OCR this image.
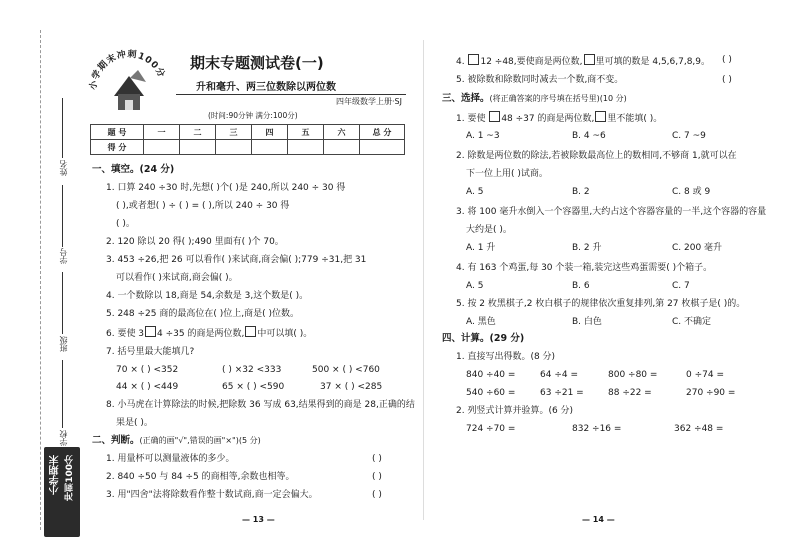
姓名
学号
班级
学校
小学期末 冲刺100分
小学期末冲刺100分
期末专题测试卷(一)
升和毫升、两三位数除以两位数
四年级数学上册·SJ
(时间:90分钟 满分:100分)
题 号	一	二	三	四	五	六	总 分
得 分							
一、填空。(24 分)
1. 口算 240 ÷30 时,先想( )个( )是 240,所以 240 ÷ 30 得
( ),或者想( ) ÷ ( ) = ( ),所以 240 ÷ 30 得
( )。
2. 120 除以 20 得( );490 里面有( )个 70。
3. 453 ÷26,把 26 可以看作( )来试商,商会偏( );779 ÷31,把 31
可以看作( )来试商,商会偏( )。
4. 一个数除以 18,商是 54,余数是 3,这个数是( )。
5. 248 ÷25 商的最高位在( )位上,商是( )位数。
6. 要使 3 4 ÷35 的商是两位数, 中可以填( )。
7. 括号里最大能填几?
70 × ( ) <352	( ) ×32 <333	500 × ( ) <760
44 × ( ) <449	65 × ( ) <590	37 × ( ) <285
8. 小马虎在计算除法的时候,把除数 36 写成 63,结果得到的商是 28,正确的结
果是( )。
二、判断。(正确的画"√",错误的画"×")(5 分)
1. 用量杯可以测量液体的多少。	( )
2. 840 ÷50 与 84 ÷5 的商相等,余数也相等。	( )
3. 用"四舍"法将除数看作整十数试商,商一定会偏大。	( )
— 13 —
4. 12 ÷48,要使商是两位数, 里可填的数是 4,5,6,7,8,9。 ( )
5. 被除数和除数同时减去一个数,商不变。	( )
三、选择。(将正确答案的序号填在括号里)(10 分)
1. 要使 48 ÷37 的商是两位数, 里不能填( )。
A. 1 ~3	B. 4 ~6	C. 7 ~9
2. 除数是两位数的除法,若被除数最高位上的数相同,不够商 1,就可以在
下一位上用( )试商。
A. 5	B. 2	C. 8 或 9
3. 将 100 毫升水倒入一个容器里,大约占这个容器容量的一半,这个容器的容量
大约是( )。
A. 1 升	B. 2 升	C. 200 毫升
4. 有 163 个鸡蛋,每 30 个装一箱,装完这些鸡蛋需要( )个箱子。
A. 5	B. 6	C. 7
5. 按 2 枚黑棋子,2 枚白棋子的规律依次重复排列,第 27 枚棋子是( )的。
A. 黑色	B. 白色	C. 不确定
四、计算。(29 分)
1. 直接写出得数。(8 分)
840 ÷40 =	64 ÷4 =	800 ÷80 =	0 ÷74 =
540 ÷60 =	63 ÷21 =	88 ÷22 =	270 ÷90 =
2. 列竖式计算并验算。(6 分)
724 ÷70 =	832 ÷16 =	362 ÷48 =
— 14 —
